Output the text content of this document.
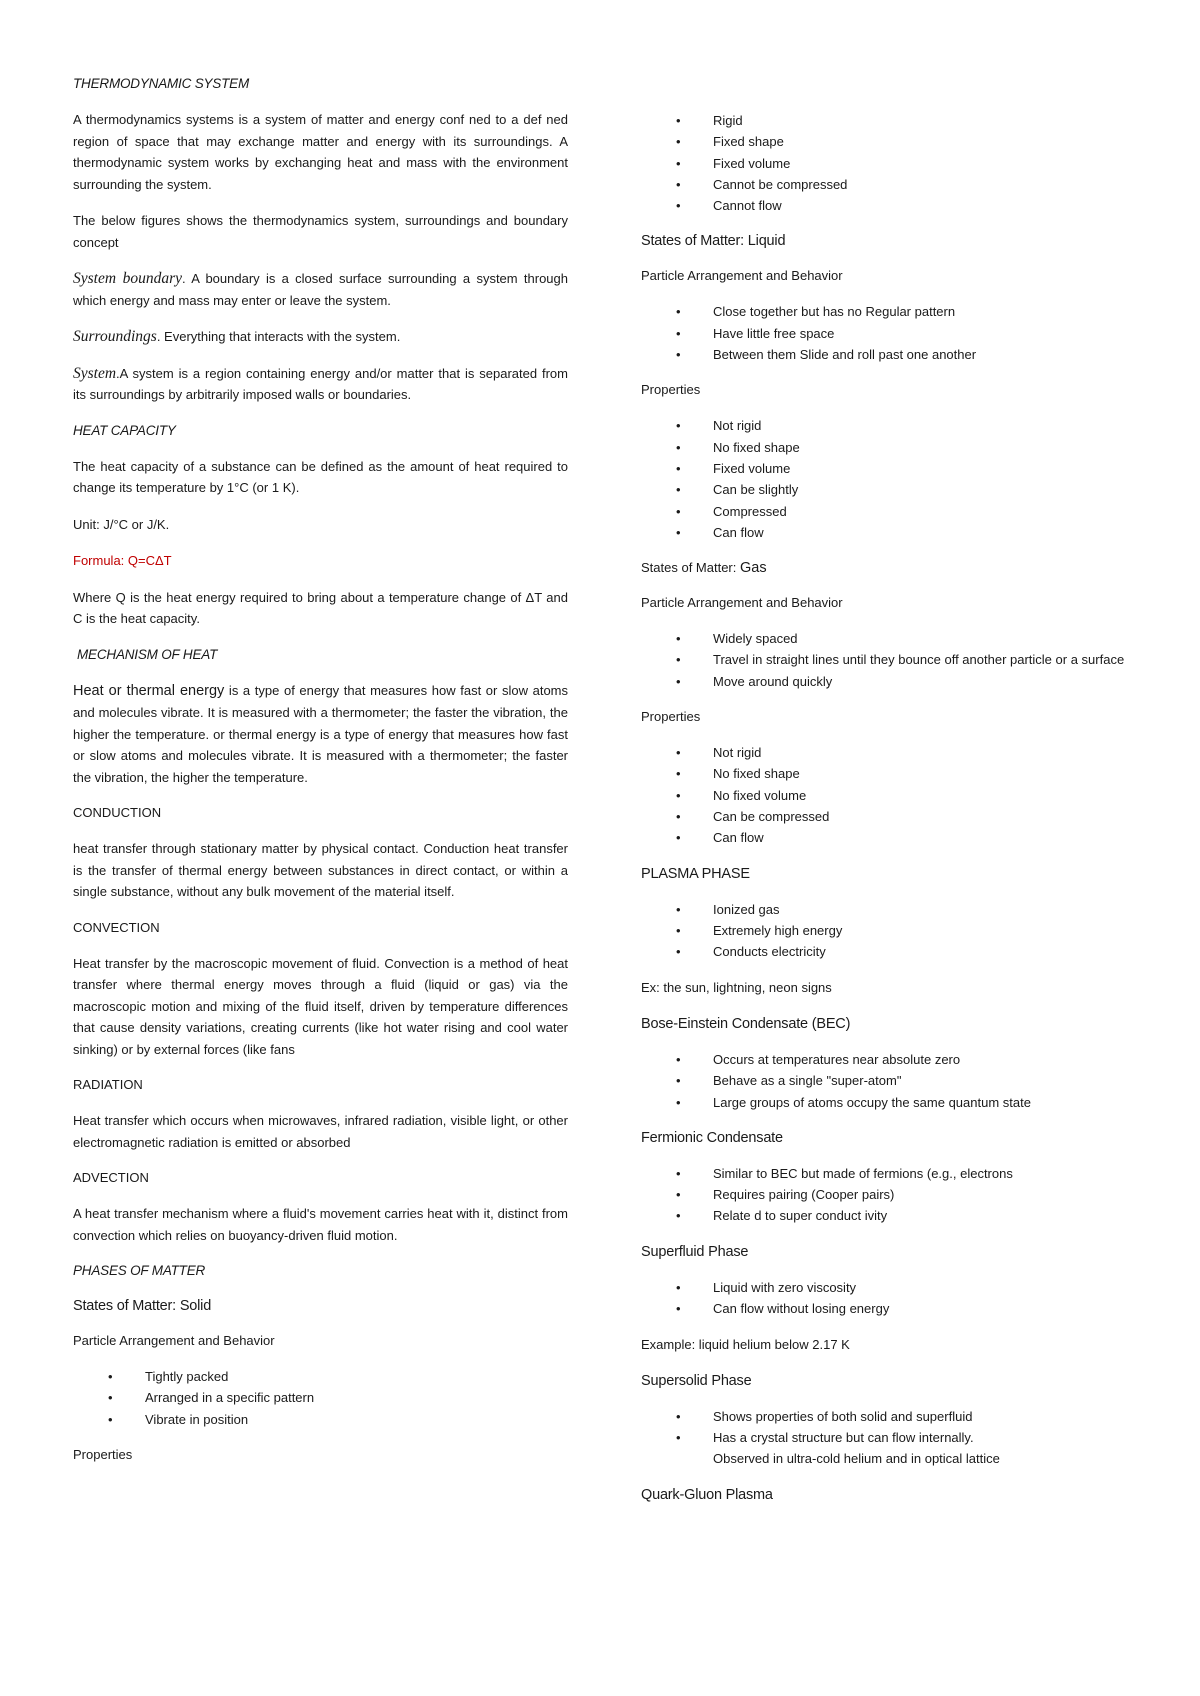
THERMODYNAMIC SYSTEM

A thermodynamics systems is a system of matter and energy conf ned to a def ned region of space that may exchange matter and energy with its surroundings. A thermodynamic system works by exchanging heat and mass with the environment surrounding the system.

The below figures shows the thermodynamics system, surroundings and boundary concept

System boundary. A boundary is a closed surface surrounding a system through which energy and mass may enter or leave the system.

Surroundings. Everything that interacts with the system.

System.A system is a region containing energy and/or matter that is separated from its surroundings by arbitrarily imposed walls or boundaries.

HEAT CAPACITY

The heat capacity of a substance can be defined as the amount of heat required to change its temperature by 1°C (or 1 K).

Unit: J/°C or J/K.

Formula: Q=CΔT

Where Q is the heat energy required to bring about a temperature change of ΔT and C is the heat capacity.

MECHANISM OF HEAT

Heat or thermal energy is a type of energy that measures how fast or slow atoms and molecules vibrate. It is measured with a thermometer; the faster the vibration, the higher the temperature. or thermal energy is a type of energy that measures how fast or slow atoms and molecules vibrate. It is measured with a thermometer; the faster the vibration, the higher the temperature.

CONDUCTION

heat transfer through stationary matter by physical contact. Conduction heat transfer is the transfer of thermal energy between substances in direct contact, or within a single substance, without any bulk movement of the material itself.

CONVECTION

Heat transfer by the macroscopic movement of fluid. Convection is a method of heat transfer where thermal energy moves through a fluid (liquid or gas) via the macroscopic motion and mixing of the fluid itself, driven by temperature differences that cause density variations, creating currents (like hot water rising and cool water sinking) or by external forces (like fans

RADIATION

Heat transfer which occurs when microwaves, infrared radiation, visible light, or other electromagnetic radiation is emitted or absorbed

ADVECTION

A heat transfer mechanism where a fluid's movement carries heat with it, distinct from convection which relies on buoyancy-driven fluid motion.

PHASES OF MATTER

States of Matter: Solid

Particle Arrangement and Behavior

• Tightly packed
• Arranged in a specific pattern
• Vibrate in position

Properties

• Rigid
• Fixed shape
• Fixed volume
• Cannot be compressed
• Cannot flow

States of Matter: Liquid

Particle Arrangement and Behavior

• Close together but has no Regular pattern
• Have little free space
• Between them Slide and roll past one another

Properties

• Not rigid
• No fixed shape
• Fixed volume
• Can be slightly
• Compressed
• Can flow

States of Matter: Gas

Particle Arrangement and Behavior

• Widely spaced
• Travel in straight lines until they bounce off another particle or a surface
• Move around quickly

Properties

• Not rigid
• No fixed shape
• No fixed volume
• Can be compressed
• Can flow

PLASMA PHASE

• Ionized gas
• Extremely high energy
• Conducts electricity

Ex: the sun, lightning, neon signs

Bose-Einstein Condensate (BEC)

• Occurs at temperatures near absolute zero
• Behave as a single "super-atom"
• Large groups of atoms occupy the same quantum state

Fermionic Condensate

• Similar to BEC but made of fermions (e.g., electrons
• Requires pairing (Cooper pairs)
• Relate d to super conduct ivity

Superfluid Phase

• Liquid with zero viscosity
• Can flow without losing energy

Example: liquid helium below 2.17 K

Supersolid Phase

• Shows properties of both solid and superfluid
• Has a crystal structure but can flow internally.
Observed in ultra-cold helium and in optical lattice

Quark-Gluon Plasma
